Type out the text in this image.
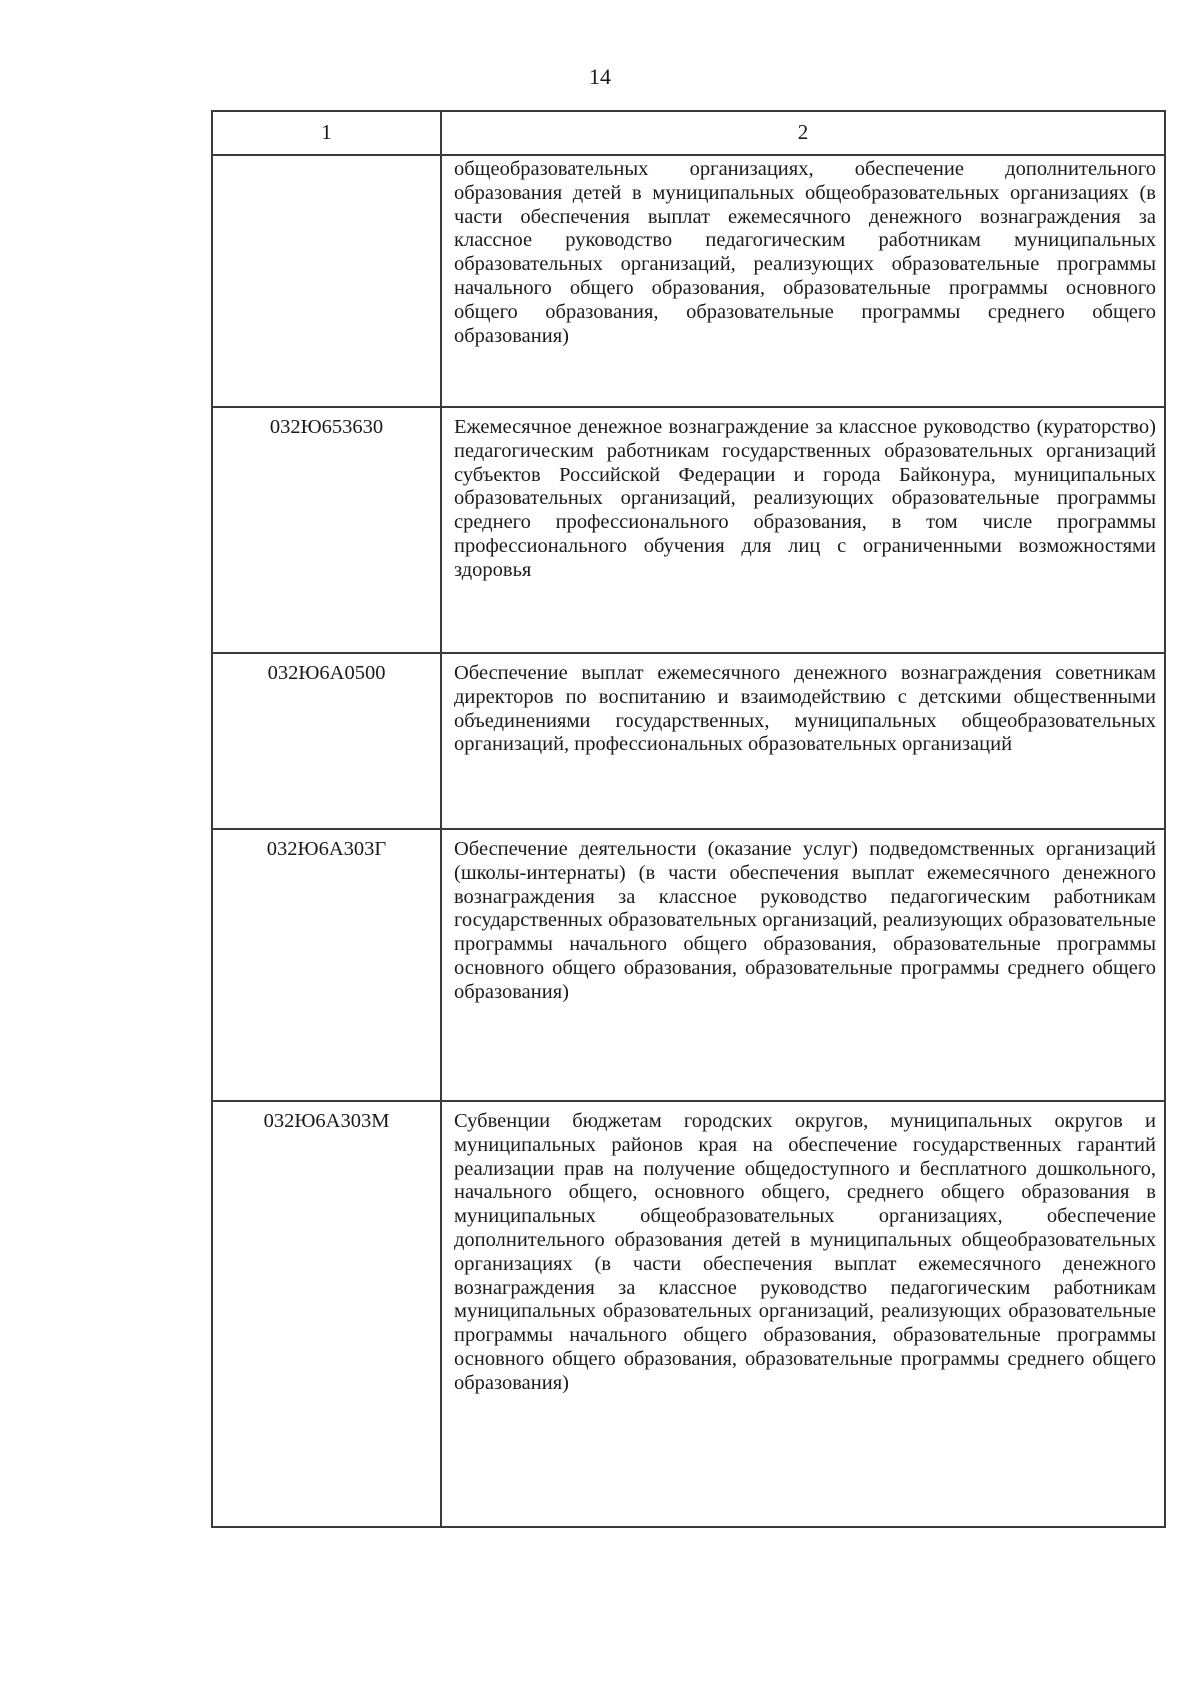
14
1	2
	общеобразовательных организациях, обеспечение дополнительного образования детей в муниципальных общеобразовательных организациях (в части обеспечения выплат ежемесячного денежного вознаграждения за классное руководство педагогическим работникам муниципальных образовательных организаций, реализующих образовательные программы начального общего образования, образовательные программы основного общего образования, образовательные программы среднего общего образования)
032Ю653630	Ежемесячное денежное вознаграждение за классное руководство (кураторство) педагогическим работникам государственных образовательных организаций субъектов Российской Федерации и города Байконура, муниципальных образовательных организаций, реализующих образовательные программы среднего профессионального образования, в том числе программы профессионального обучения для лиц с ограниченными возможностями здоровья
032Ю6А0500	Обеспечение выплат ежемесячного денежного вознаграждения советникам директоров по воспитанию и взаимодействию с детскими общественными объединениями государственных, муниципальных общеобразовательных организаций, профессиональных образовательных организаций
032Ю6А303Г	Обеспечение деятельности (оказание услуг) подведомственных организаций (школы-интернаты) (в части обеспечения выплат ежемесячного денежного вознаграждения за классное руководство педагогическим работникам государственных образовательных организаций, реализующих образовательные программы начального общего образования, образовательные программы основного общего образования, образовательные программы среднего общего образования)
032Ю6А303М	Субвенции бюджетам городских округов, муниципальных округов и муниципальных районов края на обеспечение государственных гарантий реализации прав на получение общедоступного и бесплатного дошкольного, начального общего, основного общего, среднего общего образования в муниципальных общеобразовательных организациях, обеспечение дополнительного образования детей в муниципальных общеобразовательных организациях (в части обеспечения выплат ежемесячного денежного вознаграждения за классное руководство педагогическим работникам муниципальных образовательных организаций, реализующих образовательные программы начального общего образования, образовательные программы основного общего образования, образовательные программы среднего общего образования)
